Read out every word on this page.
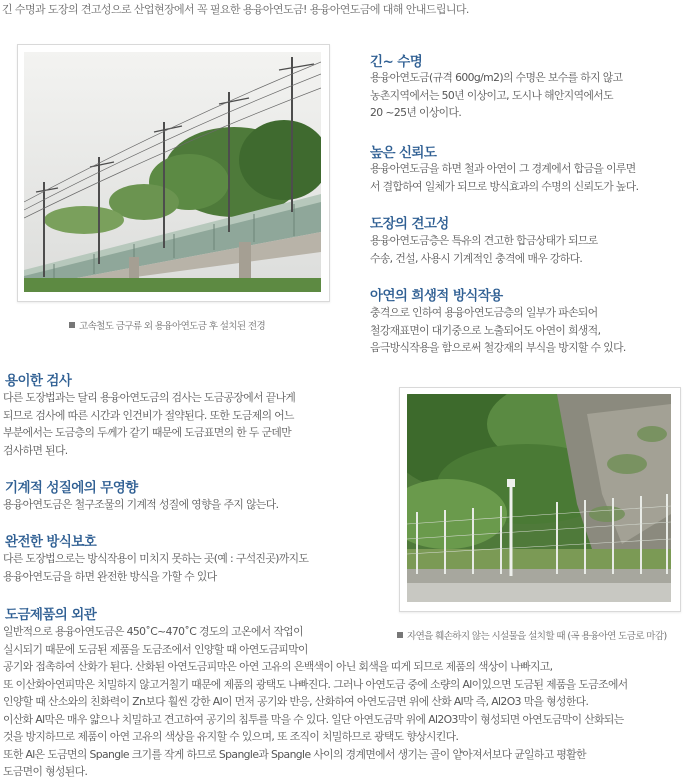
긴 수명과 도장의 견고성으로 산업현장에서 꼭 필요한 용융아연도금! 용융아연도금에 대해 안내드립니다.
고속철도 금구류 외 용융아연도금 후 설치된 전경
긴~ 수명
용융아연도금(규격 600g/m2)의 수명은 보수를 하지 않고
농촌지역에서는 50년 이상이고, 도시나 해안지역에서도
20 ~25년 이상이다.
높은 신뢰도
용융아연도금을 하면 철과 아연이 그 경계에서 합금을 이루면
서 결합하여 일체가 되므로 방식효과의 수명의 신뢰도가 높다.
도장의 견고성
용융아연도금층은 특유의 견고한 합금상태가 되므로
수송, 건설, 사용시 기계적인 충격에 매우 강하다.
아연의 희생적 방식작용
충격으로 인하여 용융아연도금층의 일부가 파손되어
철강재표면이 대기중으로 노출되어도 아연이 희생적,
음극방식작용을 함으로써 철강재의 부식을 방지할 수 있다.
용이한 검사
다른 도장법과는 달리 용융아연도금의 검사는 도금공장에서 끝나게
되므로 검사에 따른 시간과 인건비가 절약된다. 또한 도금제의 어느
부분에서는 도금층의 두께가 같기 때문에 도금표면의 한 두 군데만
검사하면 된다.
기계적 성질에의 무영향
용융아연도금은 철구조물의 기계적 성질에 영향을 주지 않는다.
완전한 방식보호
다른 도장법으로는 방식작용이 미치지 못하는 곳(예 : 구석진곳)까지도
용융아연도금을 하면 완전한 방식을 가할 수 있다
자연을 훼손하지 않는 시설물을 설치할 때 (곡 용융아연 도금로 마감)
도금제품의 외관
일반적으로 용융아연도금은 450˚C~470˚C 경도의 고온에서 작업이
실시되기 때문에 도금된 제품을 도금조에서 인양할 때 아연도금피막이
공기와 접촉하여 산화가 된다. 산화된 아연도금피막은 아연 고유의 은백색이 아닌 회색을 띠게 되므로 제품의 색상이 나빠지고,
또 이산화아연피막은 치밀하지 않고거칠기 때문에 제품의 광택도 나빠진다. 그러나 아연도금 중에 소량의 Al이있으면 도금된 제품을 도금조에서
인양할 때 산소와의 친화력이 Zn보다 훨씬 강한 Al이 먼저 공기와 반응, 산화하여 아연도금면 위에 산화 Al막 즉, Al2O3 막을 형성한다.
이산화 Al막은 매우 얇으나 치밀하고 견고하여 공기의 침투를 막을 수 있다. 일단 아연도금막 위에 Al2O3막이 형성되면 아연도금막이 산화되는
것을 방지하므로 제품이 아연 고유의 색상을 유지할 수 있으며, 또 조직이 치밀하므로 광택도 향상시킨다.
또한 Al은 도금면의 Spangle 크기를 작게 하므로 Spangle과 Spangle 사이의 경계면에서 생기는 골이 얕아져서보다 균일하고 평활한
도금면이 형성된다.
